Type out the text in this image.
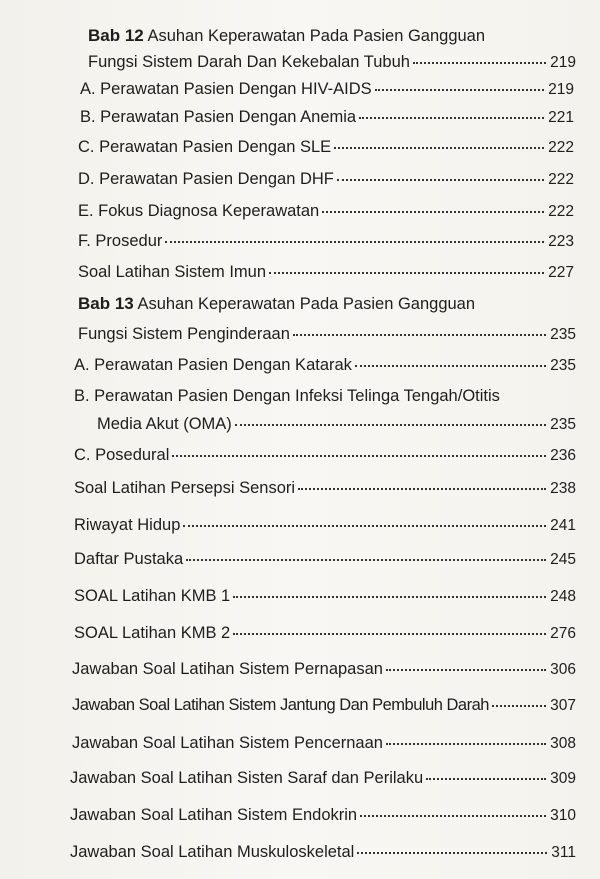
Bab 12 Asuhan Keperawatan Pada Pasien Gangguan
Fungsi Sistem Darah Dan Kekebalan Tubuh	219
A. Perawatan Pasien Dengan HIV-AIDS	219
B. Perawatan Pasien Dengan Anemia	221
C. Perawatan Pasien Dengan SLE	222
D. Perawatan Pasien Dengan DHF	222
E. Fokus Diagnosa Keperawatan	222
F. Prosedur	223
Soal Latihan Sistem Imun	227
Bab 13 Asuhan Keperawatan Pada Pasien Gangguan
Fungsi Sistem Penginderaan	235
A. Perawatan Pasien Dengan Katarak	235
B. Perawatan Pasien Dengan Infeksi Telinga Tengah/Otitis
Media Akut (OMA)	235
C. Posedural	236
Soal Latihan Persepsi Sensori	238
Riwayat Hidup	241
Daftar Pustaka	245
SOAL Latihan KMB 1	248
SOAL Latihan KMB 2	276
Jawaban Soal Latihan Sistem Pernapasan	306
Jawaban Soal Latihan Sistem Jantung Dan Pembuluh Darah	307
Jawaban Soal Latihan Sistem Pencernaan	308
Jawaban Soal Latihan Sisten Saraf dan Perilaku	309
Jawaban Soal Latihan Sistem Endokrin	310
Jawaban Soal Latihan Muskuloskeletal	311
